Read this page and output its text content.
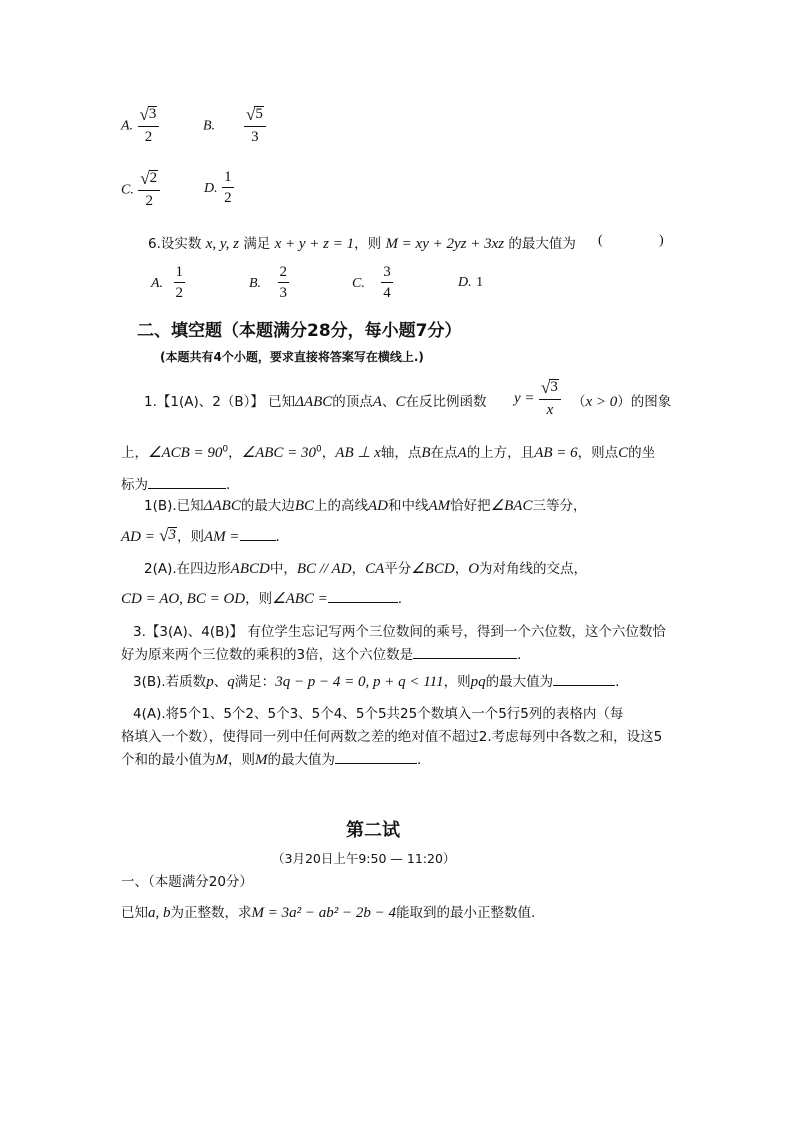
A. $\frac{√ 3}{2}$	B. $\frac{√ 5}{3}$
C. $\frac{√ 2}{2}$	D. $\frac{1}{2}$
6.设实数 x, y, z 满足 x + y + z = 1，则 M = xy + 2yz + 3xz 的最大值为 (	)
A. $\frac{1}{2}$	B. $\frac{2}{3}$	C. $\frac{3}{4}$	D. 1
二、填空题（本题满分28分，每小题7分）
(本题共有4个小题，要求直接将答案写在横线上.)
1.【1(A)、2（B）】 已知ΔABC的顶点A、C在反比例函数 $y = \frac{√ 3}{x} (x > 0)$的图象
上，∠ACB = $90^0$，∠ABC = $30^0$，AB ⊥ x轴，点B在点A的上方，且AB = 6，则点C的坐
标为	.
1(B).已知ΔABC的最大边BC上的高线AD和中线AM恰好把∠BAC三等分，
AD = √ 3 ，则AM =	.
2(A).在四边形ABCD中，BC // AD，CA平分∠BCD，O为对角线的交点，
CD = AO, BC = OD，则∠ABC =	.
3.【3(A)、4(B)】 有位学生忘记写两个三位数间的乘号，得到一个六位数，这个六位数恰
好为原来两个三位数的乘积的3倍，这个六位数是	.
3(B).若质数p、q满足：3q − p − 4 = 0, p + q < 111，则pq的最大值为	.
4(A).将5个1、5个2、5个3、5个4、5个5共25个数填入一个5行5列的表格内（每
格填入一个数），使得同一列中任何两数之差的绝对值不超过2.考虑每列中各数之和，设这5
个和的最小值为M，则M的最大值为	.
第二试
（3月20日上午9:50 — 11:20）
一、（本题满分20分）
已知a, b为正整数，求M = 3a² − ab² − 2b − 4能取到的最小正整数值.
